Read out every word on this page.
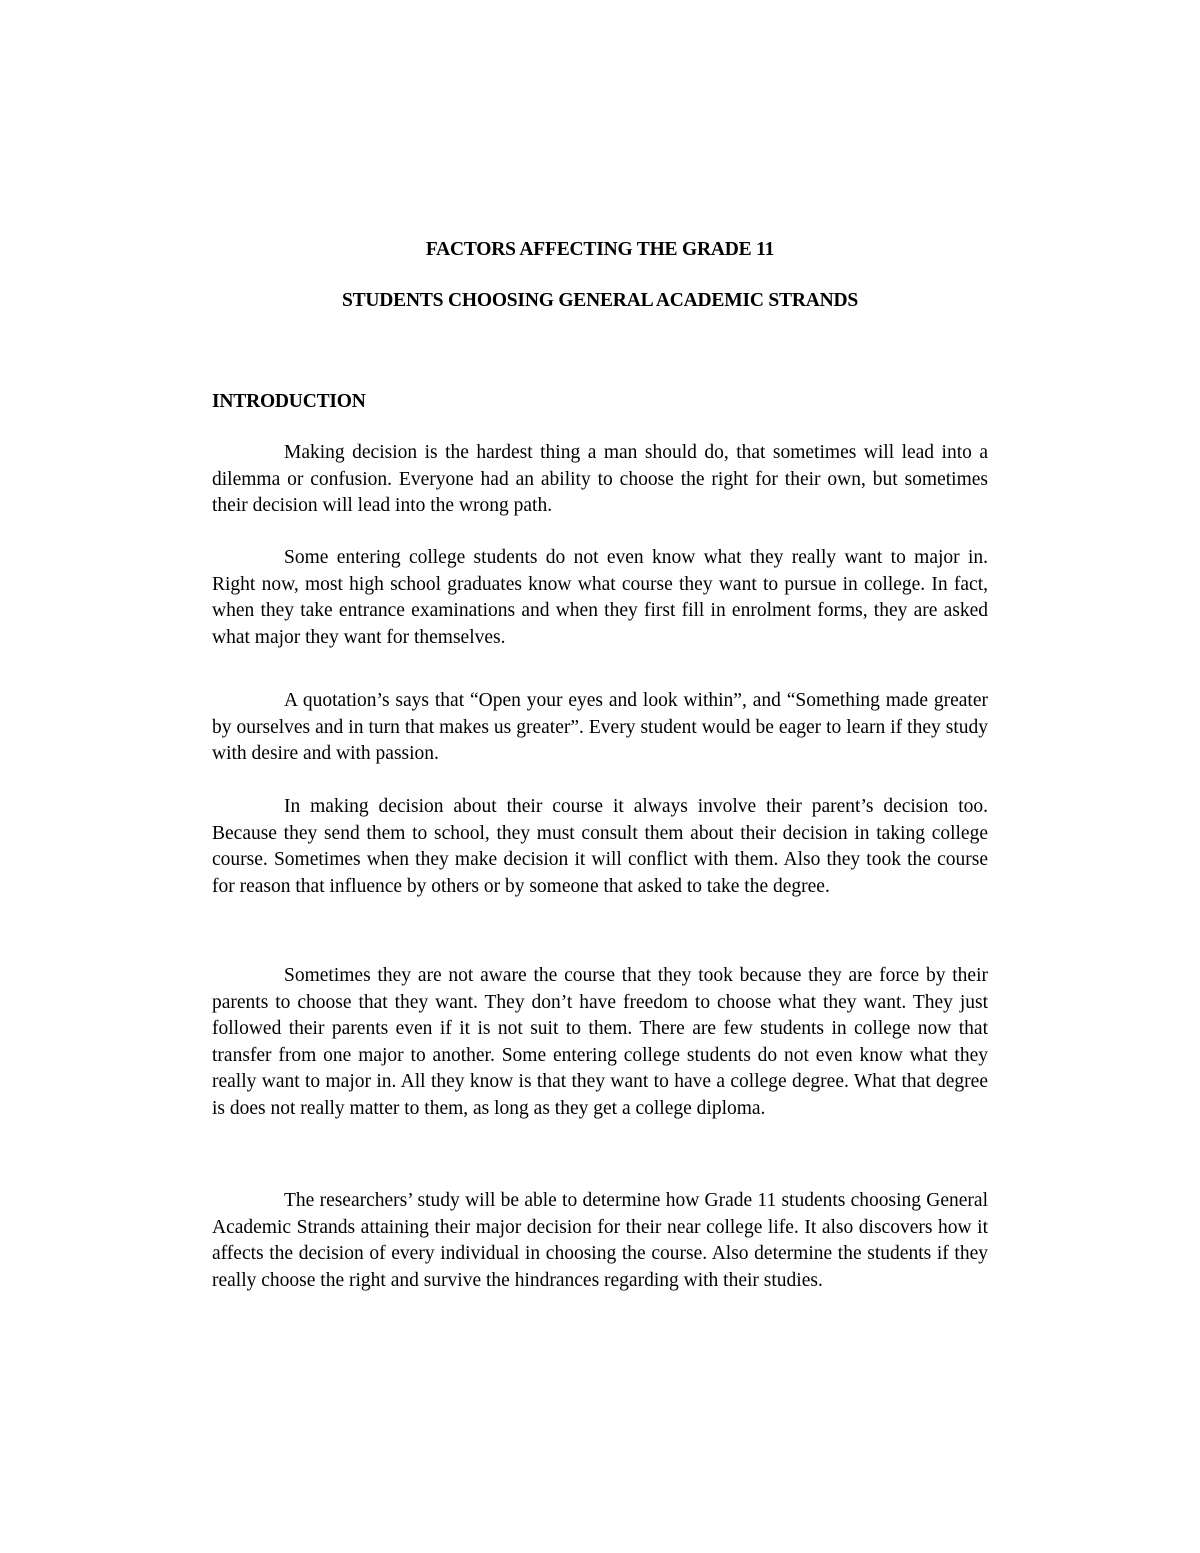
FACTORS AFFECTING THE GRADE 11
STUDENTS CHOOSING GENERAL ACADEMIC STRANDS
INTRODUCTION

Making decision is the hardest thing a man should do, that sometimes will lead into a dilemma or confusion. Everyone had an ability to choose the right for their own, but sometimes their decision will lead into the wrong path.

Some entering college students do not even know what they really want to major in. Right now, most high school graduates know what course they want to pursue in college. In fact, when they take entrance examinations and when they first fill in enrolment forms, they are asked what major they want for themselves.

A quotation’s says that “Open your eyes and look within”, and “Something made greater by ourselves and in turn that makes us greater”. Every student would be eager to learn if they study with desire and with passion.

In making decision about their course it always involve their parent’s decision too. Because they send them to school, they must consult them about their decision in taking college course. Sometimes when they make decision it will conflict with them. Also they took the course for reason that influence by others or by someone that asked to take the degree.

Sometimes they are not aware the course that they took because they are force by their parents to choose that they want. They don’t have freedom to choose what they want. They just followed their parents even if it is not suit to them. There are few students in college now that transfer from one major to another. Some entering college students do not even know what they really want to major in. All they know is that they want to have a college degree. What that degree is does not really matter to them, as long as they get a college diploma.

The researchers’ study will be able to determine how Grade 11 students choosing General Academic Strands attaining their major decision for their near college life. It also discovers how it affects the decision of every individual in choosing the course. Also determine the students if they really choose the right and survive the hindrances regarding with their studies.
